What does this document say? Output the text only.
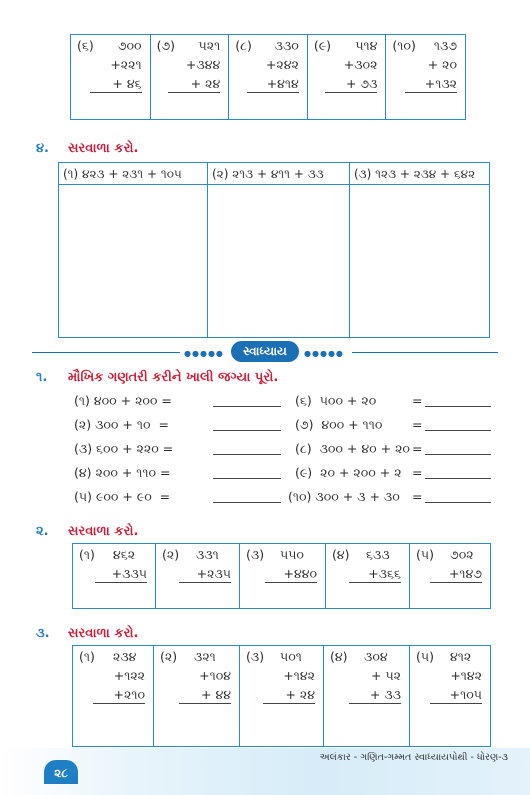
(૬) ૭૦૦
+૨૨૧
+ ૪૬
(૭) ૫૨૧
+૩૪૪
+ ૨૪
(૮) ૩૩૦
+૨૪૨
+૪૧૪
(૯) ૫૧૪
+૩૦૨
+ ૭૩
(૧૦) ૧૩૭
+ ૨૦
+૧૩૨
૪. સરવાળા કરો.
(૧) ૪૨૩ + ૨૩૧ + ૧૦૫	(૨) ૨૧૩ + ૪૧૧ + ૩૩	(૩) ૧૨૩ + ૨૩૪ + ૬૪૨
●●●●●	સ્વાધ્યાય	●●●●●
૧. મૌખિક ગણતરી કરીને ખાલી જગ્યા પૂરો.
(૧) ૪૦૦ + ૨૦૦ =
(૨) ૩૦૦ + ૧૦  =
(૩) ૬૦૦ + ૨૨૦ =
(૪) ૨૦૦ + ૧૧૦ =
(૫) ૯૦૦ + ૯૦  =
(૬)  ૫૦૦ + ૨૦	=
(૭)  ૪૦૦ + ૧૧૦ =
(૮)  ૩૦૦ + ૪૦ + ૨૦ =
(૯)  ૨૦ + ૨૦૦ + ૨ =
(૧૦) ૩૦૦ + ૩ + ૩૦ =
૨. સરવાળા કરો.
(૧) ૪૬૨
+૩૩૫
(૨) ૩૩૧
+૨૩૫
(૩) ૫૫૦
+૪૪૦
(૪) ૬૩૩
+૩૬૬
(૫) ૭૦૨
+૧૪૭
૩. સરવાળા કરો.
(૧) ૨૩૪
+૧૨૨
+૨૧૦
(૨) ૩૨૧
+૧૦૪
+ ૪૪
(૩) ૫૦૧
+૧૪૨
+ ૨૪
(૪) ૩૦૪
+ ૫૨
+ ૩૩
(૫) ૪૧૨
+૧૪૨
+૧૦૫
અલંકાર - ગણિત-ગમ્મત સ્વાધ્યાયપોથી - ધોરણ-૩
૨૮
